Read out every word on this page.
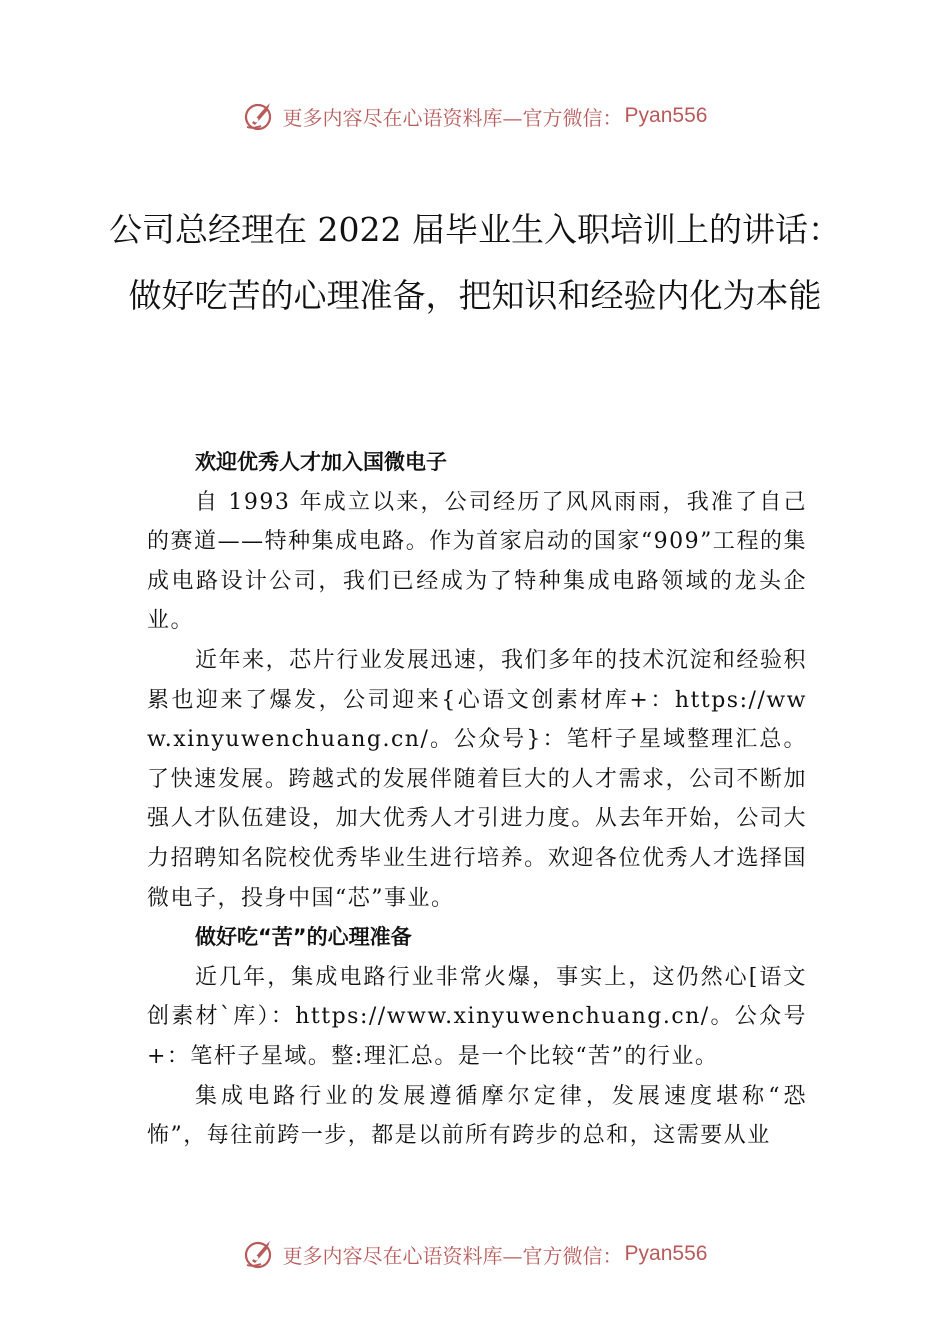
更多内容尽在心语资料库—官方微信： Pyan556
公司总经理在 2022 届毕业生入职培训上的讲话：做好吃苦的心理准备，把知识和经验内化为本能

欢迎优秀人才加入国微电子

自 1993 年成立以来，公司经历了风风雨雨，我准了自己的赛道——特种集成电路。作为首家启动的国家“909”工程的集成电路设计公司，我们已经成为了特种集成电路领域的龙头企业。

近年来，芯片行业发展迅速，我们多年的技术沉淀和经验积累也迎来了爆发，公司迎来{心语文创素材库+：https://www.xinyuwenchuang.cn/。公众号}：笔杆子星域整理汇总。了快速发展。跨越式的发展伴随着巨大的人才需求，公司不断加强人才队伍建设，加大优秀人才引进力度。从去年开始，公司大力招聘知名院校优秀毕业生进行培养。欢迎各位优秀人才选择国微电子，投身中国“芯”事业。

做好吃“苦”的心理准备

近几年，集成电路行业非常火爆，事实上，这仍然心[语文创素材`库）：https://www.xinyuwenchuang.cn/。公众号+：笔杆子星域。整:理汇总。是一个比较“苦”的行业。

集成电路行业的发展遵循摩尔定律，发展速度堪称“恐怖”，每往前跨一步，都是以前所有跨步的总和，这需要从业

更多内容尽在心语资料库—官方微信： Pyan556
